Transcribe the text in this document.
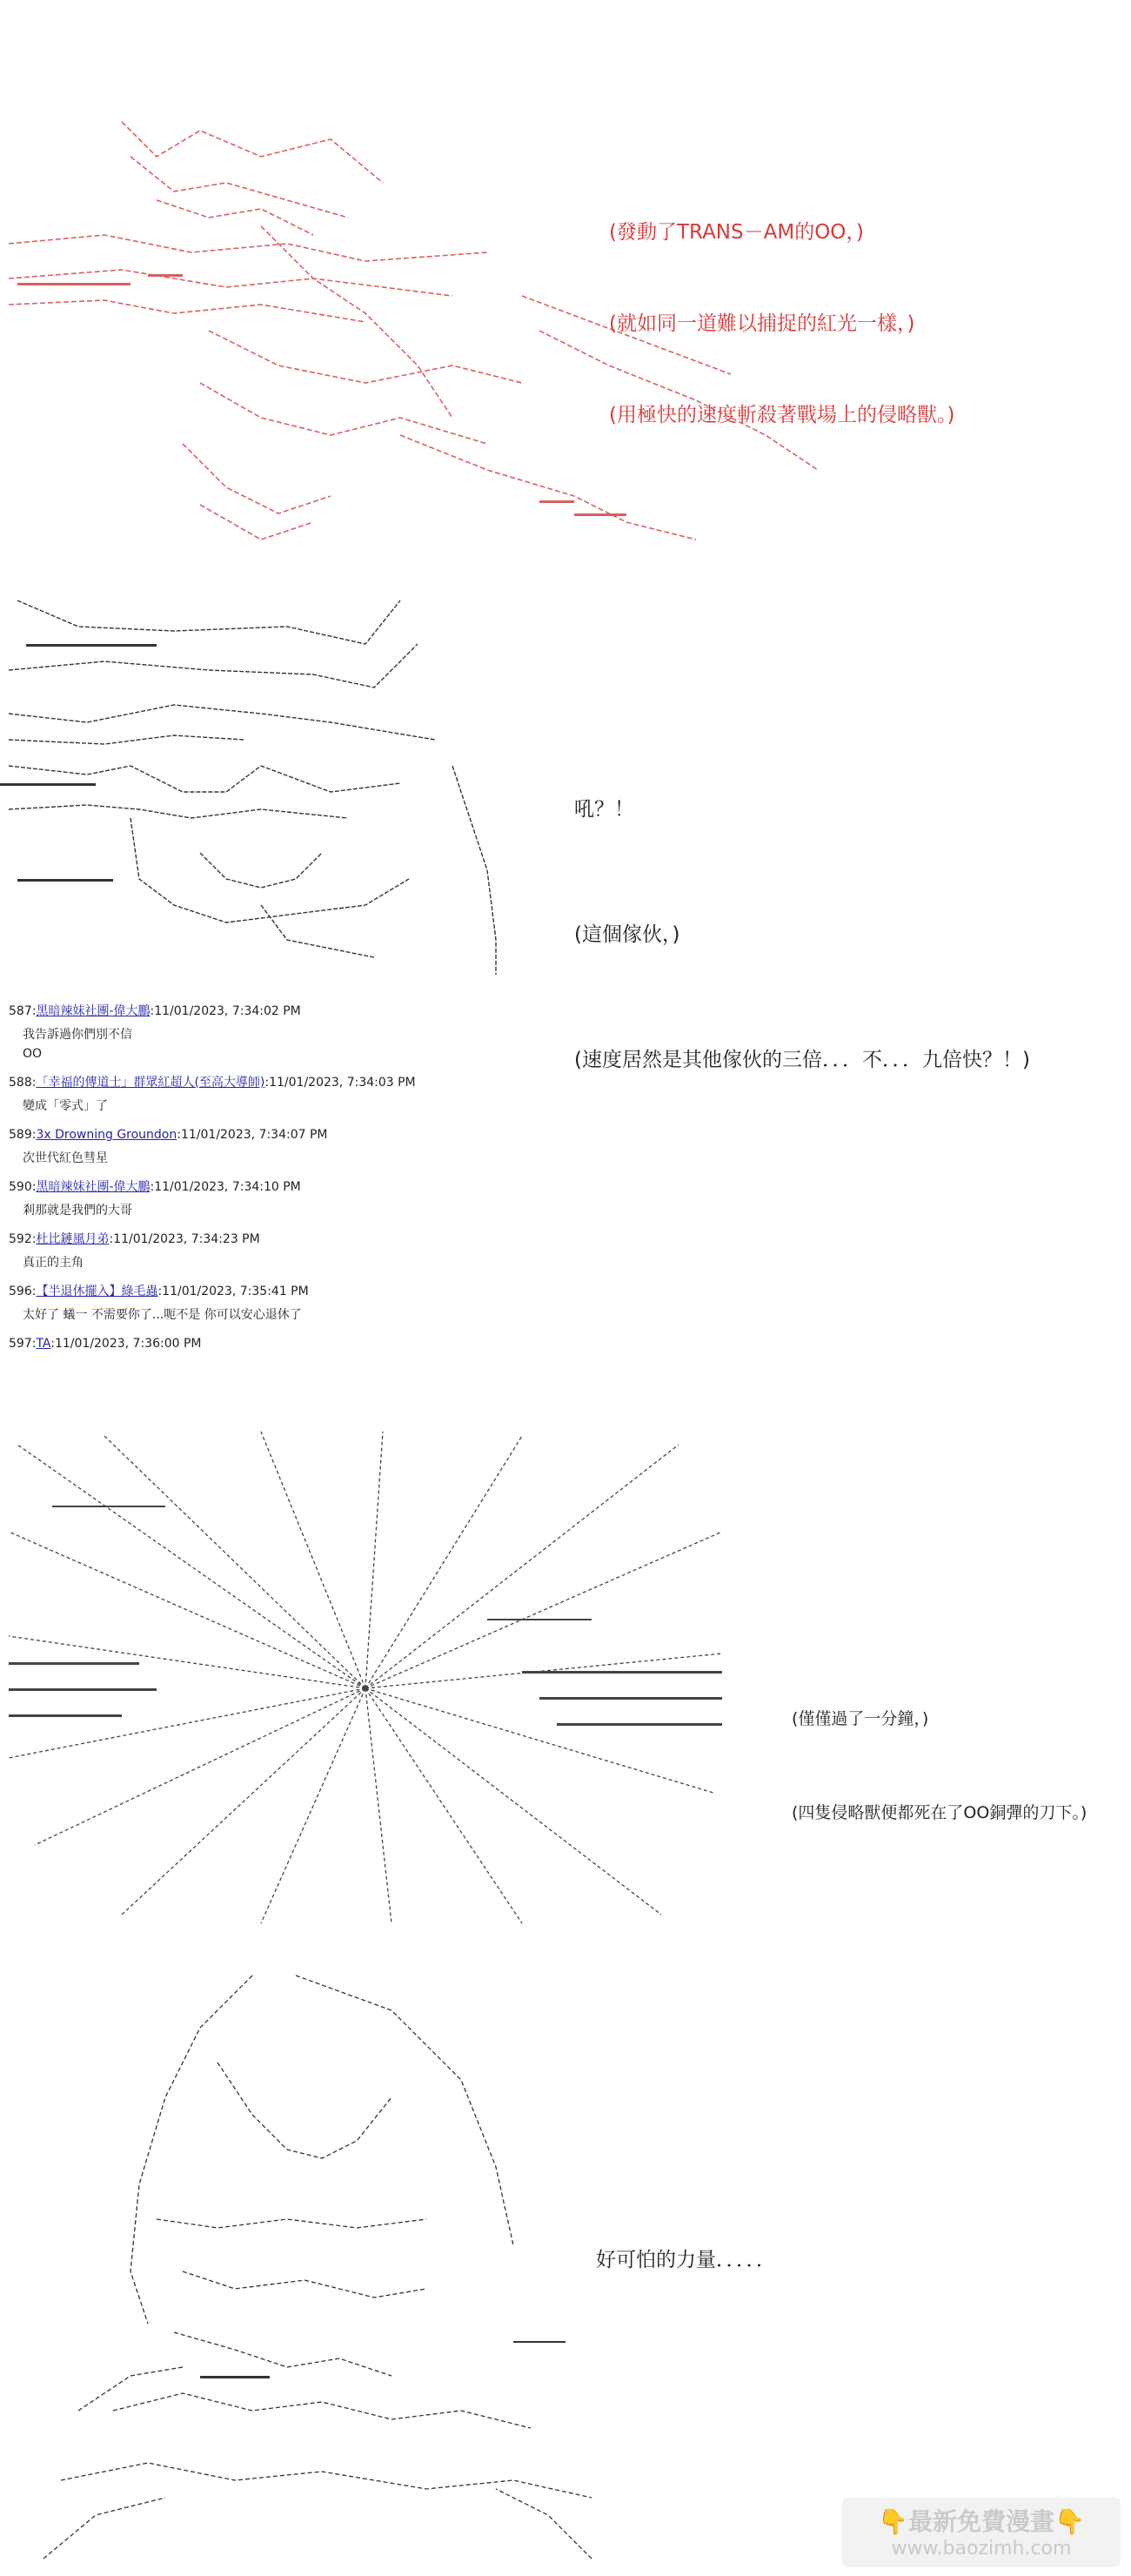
(發動了TRANS－AM的OO，)

(就如同一道難以捕捉的紅光一樣，)

(用極快的速度斬殺著戰場上的侵略獸。)

吼？！

(這個傢伙，)

(速度居然是其他傢伙的三倍．．．不．．．九倍快？！)

587:黑暗辣妹社團-偉大鵬:11/01/2023, 7:34:02 PM
我告訴過你們別不信
OO
588:「幸福的傳道士」群眾紅超人(至高大導師):11/01/2023, 7:34:03 PM
變成「零式」了
589:3x Drowning Groundon:11/01/2023, 7:34:07 PM
次世代紅色彗星
590:黑暗辣妹社團-偉大鵬:11/01/2023, 7:34:10 PM
剎那就是我們的大哥
592:杜比鏈風月弟:11/01/2023, 7:34:23 PM
真正的主角
596:【半退休擺入】綠毛蟲:11/01/2023, 7:35:41 PM
太好了 蟻一 不需要你了...呃不是 你可以安心退休了
597:TA:11/01/2023, 7:36:00 PM

(僅僅過了一分鐘，)

(四隻侵略獸便都死在了OO銅彈的刀下。)

好可怕的力量．．．．．

👇最新免費漫畫👇
www.baozimh.com
